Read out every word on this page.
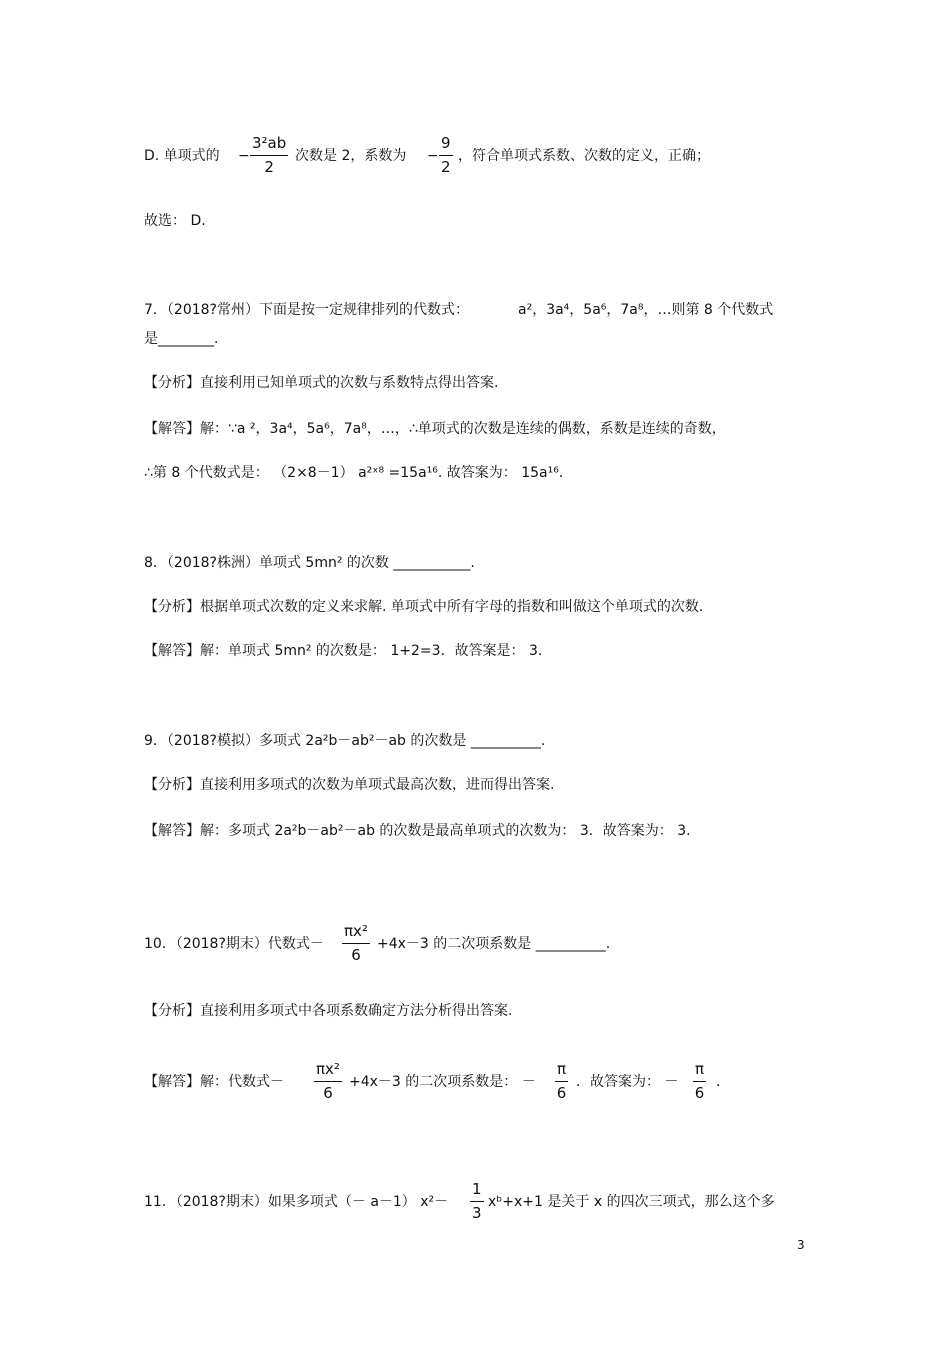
D. 单项式的 − $\frac{\text{3²ab}}{2}$ 次数是 2，系数为 − $\frac{9}{2}$ ，符合单项式系数、次数的定义，正确；
故选： D.
7．（2018?常州）下面是按一定规律排列的代数式：	a²，3a⁴，5a⁶，7a⁸，…则第 8 个代数式
是________.
【分析】直接利用已知单项式的次数与系数特点得出答案.
【解答】解：∵a ²，3a⁴，5a⁶，7a⁸，…，∴单项式的次数是连续的偶数，系数是连续的奇数，
∴第 8 个代数式是： （2×8－1） a²ˣ⁸ =15a¹⁶. 故答案为： 15a¹⁶.
8．（2018?株洲）单项式 5mn² 的次数 ___________.
【分析】根据单项式次数的定义来求解. 单项式中所有字母的指数和叫做这个单项式的次数.
【解答】解：单项式 5mn² 的次数是： 1+2=3．故答案是： 3.
9．（2018?模拟）多项式 2a²b－ab²－ab 的次数是 __________.
【分析】直接利用多项式的次数为单项式最高次数，进而得出答案.
【解答】解：多项式 2a²b－ab²－ab 的次数是最高单项式的次数为： 3．故答案为： 3.
10．（2018?期末）代数式－ $\frac{\text{πx²}}{6} +4x-3$ 的二次项系数是 __________.
【分析】直接利用多项式中各项系数确定方法分析得出答案.
【解答】解：代数式－ $\frac{\text{πx²}}{6} +4x-3$ 的二次项系数是： － $\frac{\pi}{6}$ ．故答案为： － $\frac{\pi}{6}$ .
11．（2018?期末）如果多项式（－ a－1） $x^2- \frac{1}{3}$ xᵇ+x+1 是关于 x 的四次三项式，那么这个多
3
